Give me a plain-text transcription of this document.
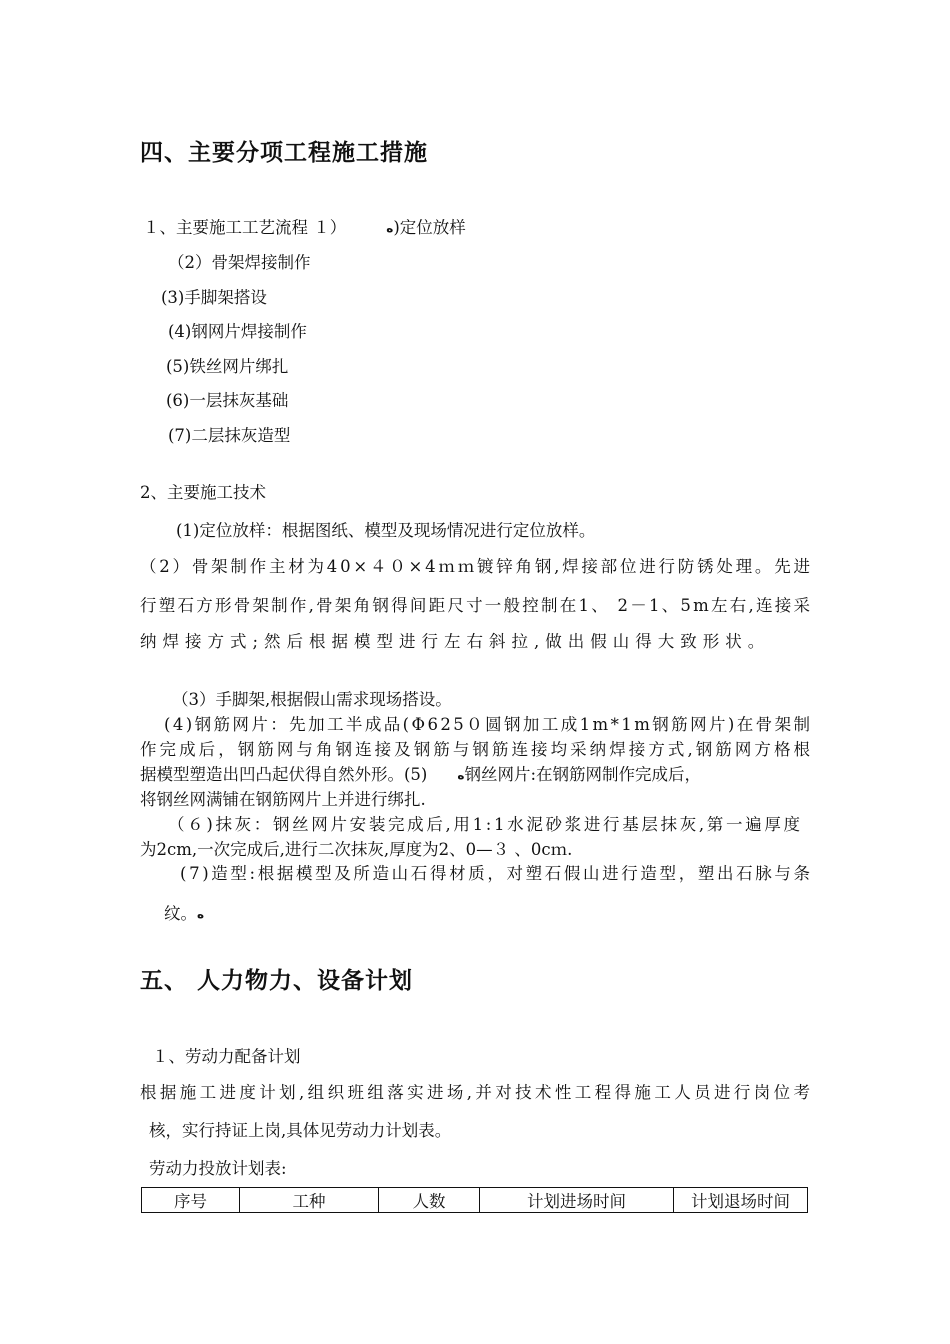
四、主要分项工程施工措施
１、主要施工工艺流程 １）	ه)定位放样
（2）骨架焊接制作
(3)手脚架搭设
(4)钢网片焊接制作
(5)铁丝网片绑扎
(6)一层抹灰基础
(7)二层抹灰造型
2、主要施工技术
(1)定位放样：根据图纸、模型及现场情况进行定位放样。
（2）骨架制作主材为40×４０×4ｍｍ镀锌角钢,焊接部位进行防锈处理。先进
行塑石方形骨架制作,骨架角钢得间距尺寸一般控制在1、 2－1、5m左右,连接采
纳焊接方式;然后根据模型进行左右斜拉,做出假山得大致形状。
（3）手脚架,根据假山需求现场搭设。
(4)钢筋网片：先加工半成品(Φ625０圆钢加工成1m*1m钢筋网片)在骨架制
作完成后，钢筋网与角钢连接及钢筋与钢筋连接均采纳焊接方式,钢筋网方格根
据模型塑造出凹凸起伏得自然外形。(5)	ه钢丝网片:在钢筋网制作完成后，
将钢丝网满铺在钢筋网片上并进行绑扎.
（６)抹灰：钢丝网片安装完成后,用1:1水泥砂浆进行基层抹灰,第一遍厚度
为2cm,一次完成后,进行二次抹灰,厚度为2、0—３ 、0cｍ.
(7)造型:根据模型及所造山石得材质，对塑石假山进行造型，塑出石脉与条
纹。ه
五、 人力物力、设备计划
１、劳动力配备计划
根据施工进度计划,组织班组落实进场,并对技术性工程得施工人员进行岗位考
核，实行持证上岗,具体见劳动力计划表。
劳动力投放计划表:
序号	工种	人数	计划进场时间	计划退场时间
